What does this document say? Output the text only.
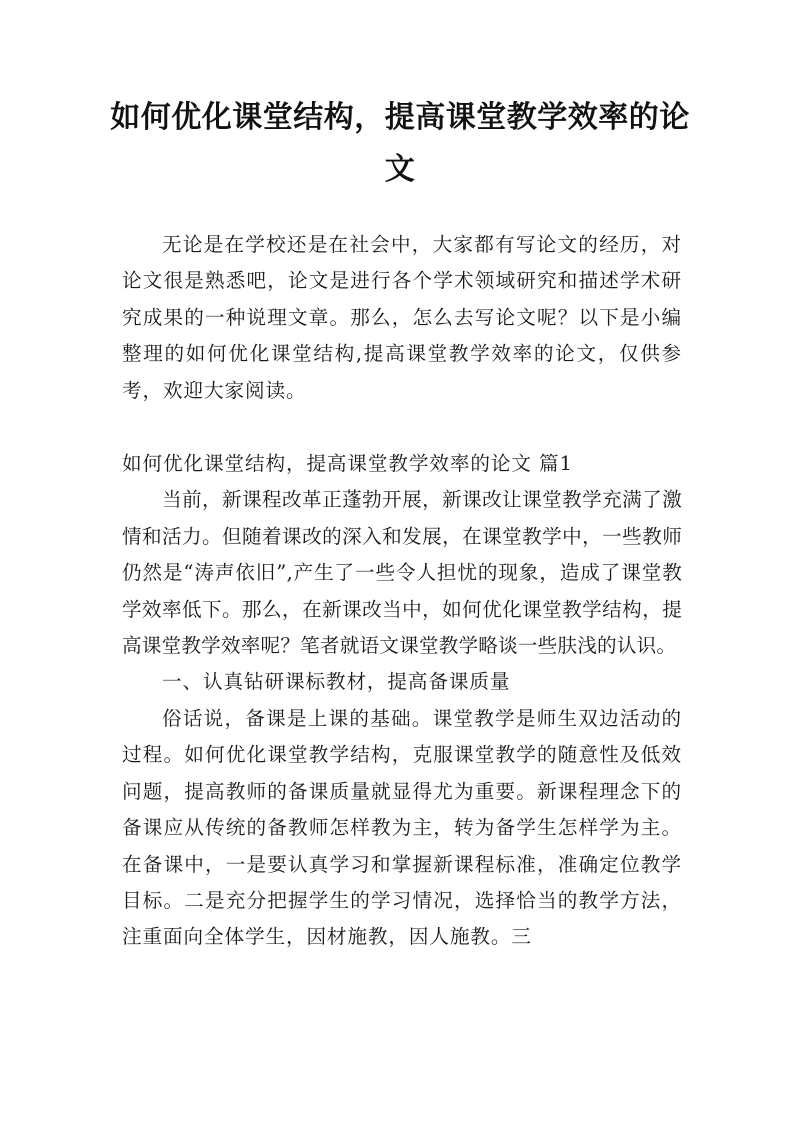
如何优化课堂结构，提高课堂教学效率的论文

无论是在学校还是在社会中，大家都有写论文的经历，对论文很是熟悉吧，论文是进行各个学术领域研究和描述学术研究成果的一种说理文章。那么，怎么去写论文呢？以下是小编整理的如何优化课堂结构,提高课堂教学效率的论文，仅供参考，欢迎大家阅读。

如何优化课堂结构，提高课堂教学效率的论文 篇1

当前，新课程改革正蓬勃开展，新课改让课堂教学充满了激情和活力。但随着课改的深入和发展，在课堂教学中，一些教师仍然是“涛声依旧”,产生了一些令人担忧的现象，造成了课堂教学效率低下。那么，在新课改当中，如何优化课堂教学结构，提高课堂教学效率呢？笔者就语文课堂教学略谈一些肤浅的认识。

一、认真钻研课标教材，提高备课质量

俗话说，备课是上课的基础。课堂教学是师生双边活动的过程。如何优化课堂教学结构，克服课堂教学的随意性及低效问题，提高教师的备课质量就显得尤为重要。新课程理念下的备课应从传统的备教师怎样教为主，转为备学生怎样学为主。在备课中，一是要认真学习和掌握新课程标准，准确定位教学目标。二是充分把握学生的学习情况，选择恰当的教学方法，注重面向全体学生，因材施教，因人施教。三
